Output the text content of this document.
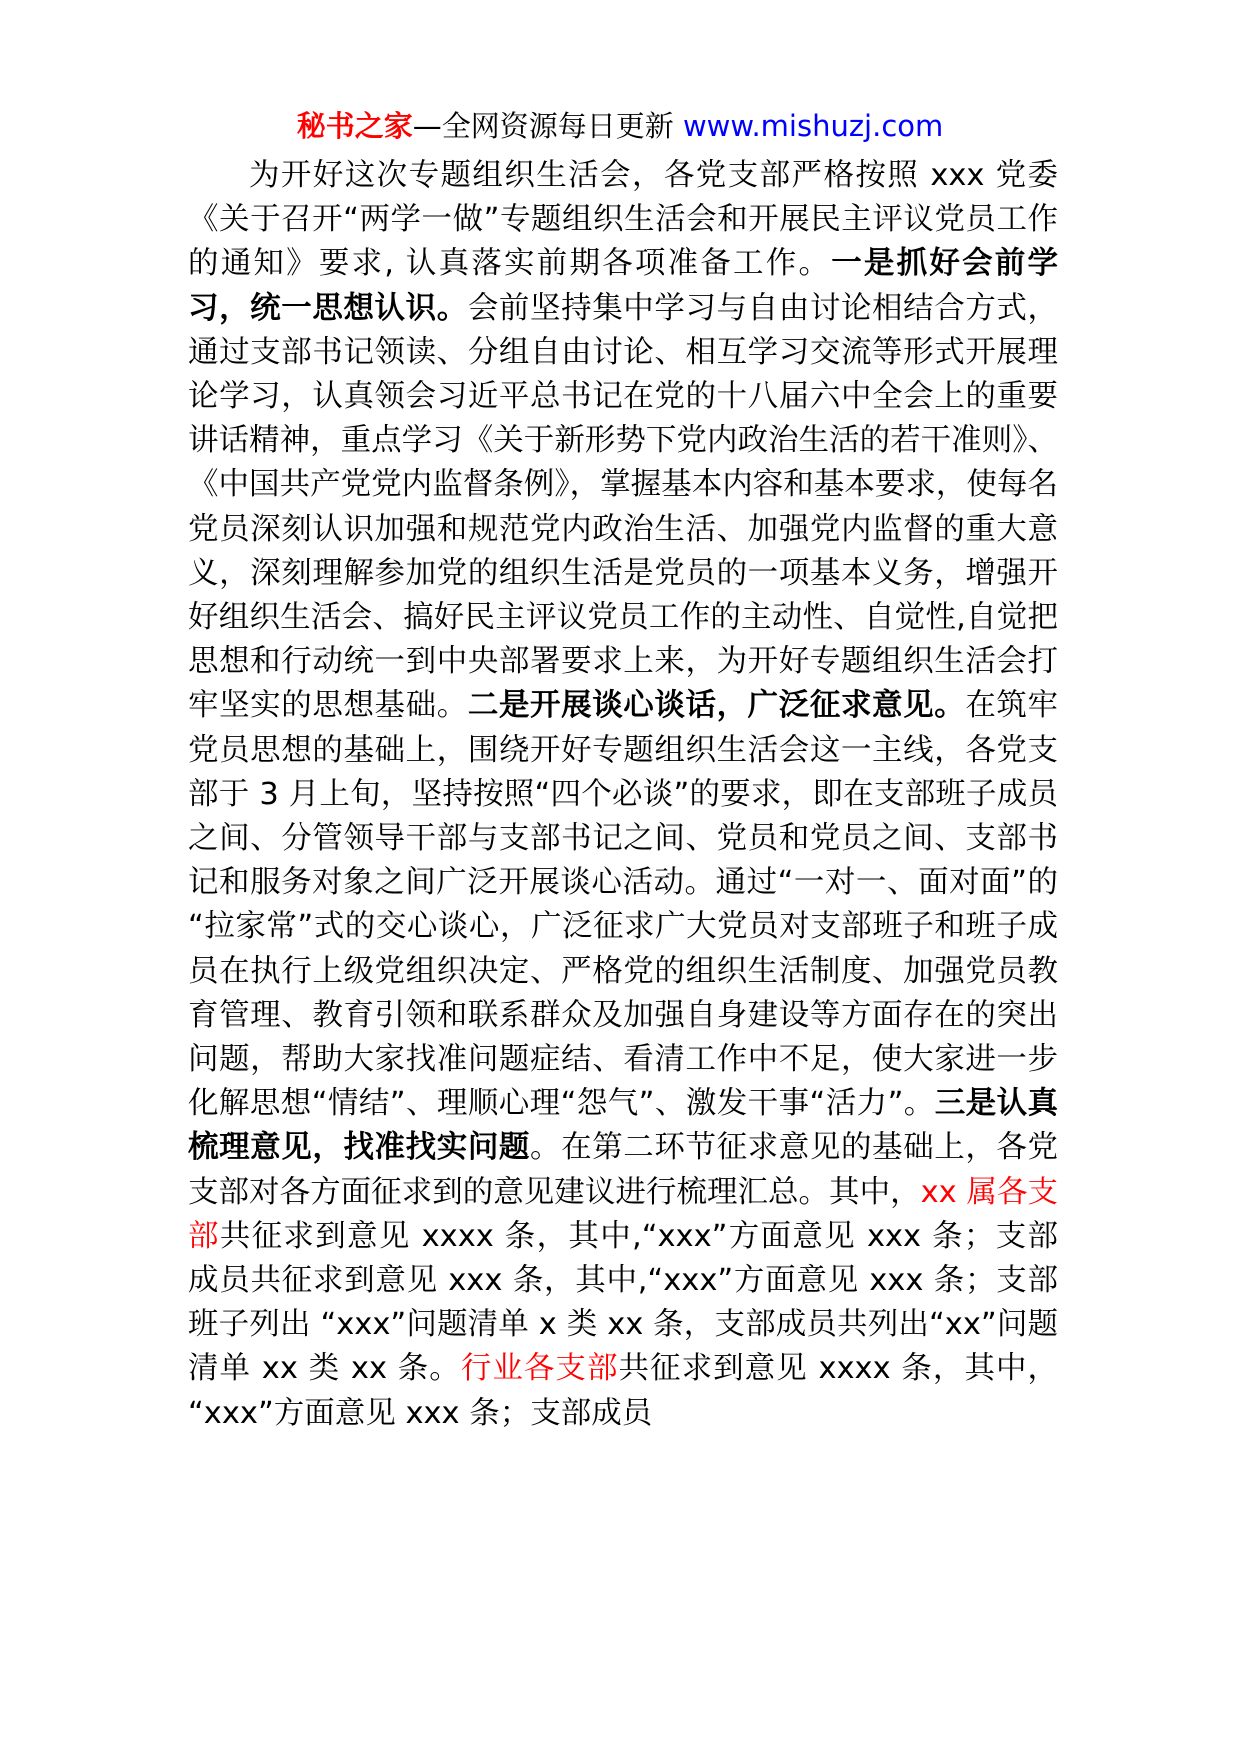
秘书之家—全网资源每日更新 www.mishuzj.com

为开好这次专题组织生活会，各党支部严格按照 xxx 党委《关于召开“两学一做”专题组织生活会和开展民主评议党员工作的通知》要求, 认真落实前期各项准备工作。一是抓好会前学习，统一思想认识。会前坚持集中学习与自由讨论相结合方式，通过支部书记领读、分组自由讨论、相互学习交流等形式开展理论学习，认真领会习近平总书记在党的十八届六中全会上的重要讲话精神，重点学习《关于新形势下党内政治生活的若干准则》、《中国共产党党内监督条例》，掌握基本内容和基本要求，使每名党员深刻认识加强和规范党内政治生活、加强党内监督的重大意义，深刻理解参加党的组织生活是党员的一项基本义务，增强开好组织生活会、搞好民主评议党员工作的主动性、自觉性,自觉把思想和行动统一到中央部署要求上来，为开好专题组织生活会打牢坚实的思想基础。二是开展谈心谈话，广泛征求意见。在筑牢党员思想的基础上，围绕开好专题组织生活会这一主线，各党支部于 3 月上旬，坚持按照“四个必谈”的要求，即在支部班子成员之间、分管领导干部与支部书记之间、党员和党员之间、支部书记和服务对象之间广泛开展谈心活动。通过“一对一、面对面”的 “拉家常”式的交心谈心，广泛征求广大党员对支部班子和班子成员在执行上级党组织决定、严格党的组织生活制度、加强党员教育管理、教育引领和联系群众及加强自身建设等方面存在的突出问题，帮助大家找准问题症结、看清工作中不足，使大家进一步化解思想“情结”、理顺心理“怨气”、激发干事“活力”。三是认真梳理意见，找准找实问题。在第二环节征求意见的基础上，各党支部对各方面征求到的意见建议进行梳理汇总。其中，xx 属各支部共征求到意见 xxxx 条，其中,“xxx”方面意见 xxx 条；支部成员共征求到意见 xxx 条，其中,“xxx”方面意见 xxx 条；支部班子列出 “xxx”问题清单 x 类 xx 条，支部成员共列出“xx”问题清单 xx 类 xx 条。行业各支部共征求到意见 xxxx 条，其中， “xxx”方面意见 xxx 条；支部成员
